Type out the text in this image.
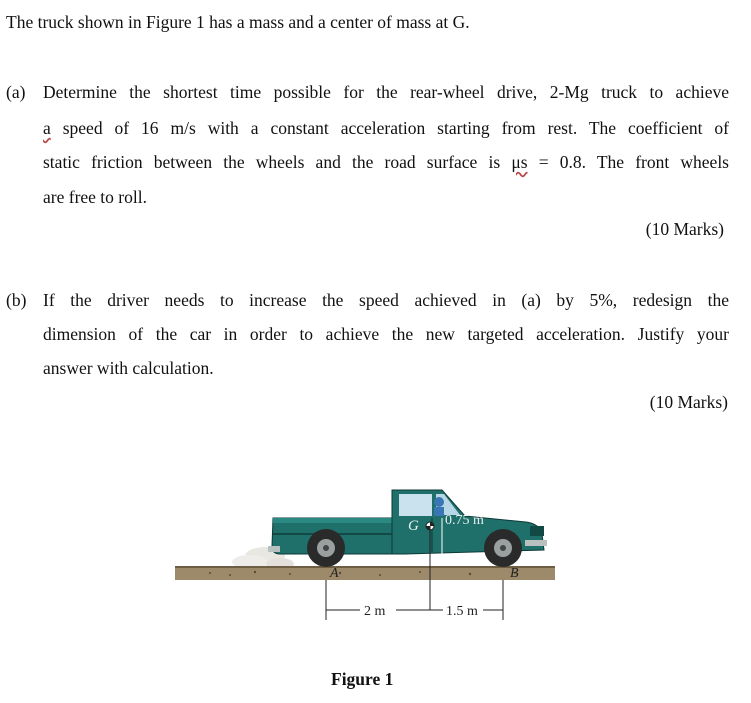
The truck shown in Figure 1 has a mass and a center of mass at G.
(a) Determine the shortest time possible for the rear-wheel drive, 2-Mg truck to achieve
a speed of 16 m/s with a constant acceleration starting from rest. The coefficient of
static friction between the wheels and the road surface is μs = 0.8. The front wheels
are free to roll.
(10 Marks)
(b) If the driver needs to increase the speed achieved in (a) by 5%, redesign the
dimension of the car in order to achieve the new targeted acceleration. Justify your
answer with calculation.
(10 Marks)
G 0.75 m
A	B
2 m	1.5 m
Figure 1
